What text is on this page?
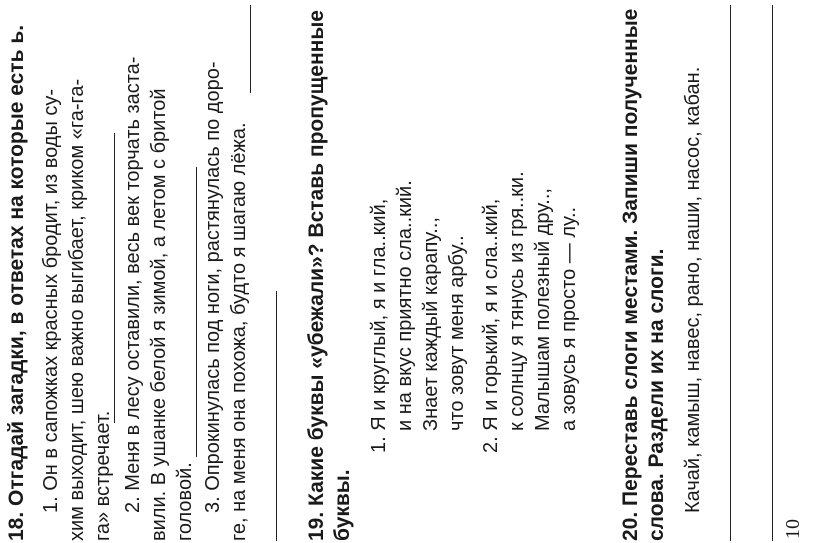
18. Отгадай загадки, в ответах на которые есть ь. 1. Он в сапожках красных бродит, из воды су- хим выходит, шею важно выгибает, криком «га-га- га» встречает. 2. Меня в лесу оставили, весь век торчать заста- вили. В ушанке белой я зимой, а летом с бритой головой. 3. Опрокинулась под ноги, растянулась по доро- ге, на меня она похожа, будто я шагаю лёжа.	19. Какие буквы «убежали»? Вставь пропущенные буквы.
1. Я и круглый, я и гла..кий, и на вкус приятно сла..кий. Знает каждый карапу.., что зовут меня арбу.. 2. Я и горький, я и сла..кий, к солнцу я тянусь из гря..ки. Малышам полезный дру.., а зовусь я просто — лу.. 20. Переставь слоги местами. Запиши полученные слова. Раздели их на слоги. Качай, камыш, навес, рано, наши, насос, кабан.
10
